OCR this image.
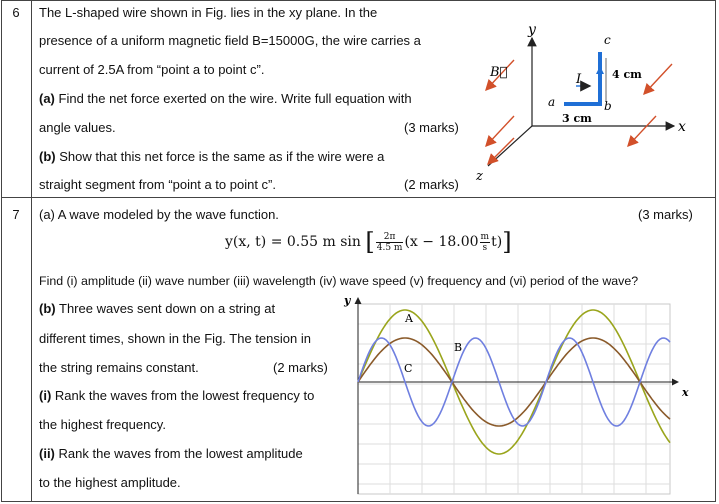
6	The L-shaped wire shown in Fig. lies in the xy plane. In the
presence of a uniform magnetic field B=15000G, the wire carries a
current of 2.5A from “point a to point c”.
(a) Find the net force exerted on the wire. Write full equation with
angle values.	(3 marks)
(b) Show that this net force is the same as if the wire were a
straight segment from “point a to point c”.	(2 marks)
y
x
z
B⃗	I
a	b
c
4 cm
3 cm
7	(a) A wave modeled by the wave function.	(3 marks)
y(x, t) = 0.55 m sin [ $\frac{2\pi}{4.5 m} (x - 18.00 \frac{m}{s} t)$]
Find (i) amplitude (ii) wave number (iii) wavelength (iv) wave speed (v) frequency and (vi) period of the wave?
(b) Three waves sent down on a string at
different times, shown in the Fig. The tension in
the string remains constant.	(2 marks)
(i) Rank the waves from the lowest frequency to
the highest frequency.
(ii) Rank the waves from the lowest amplitude
to the highest amplitude.
y
x
A
B
C
